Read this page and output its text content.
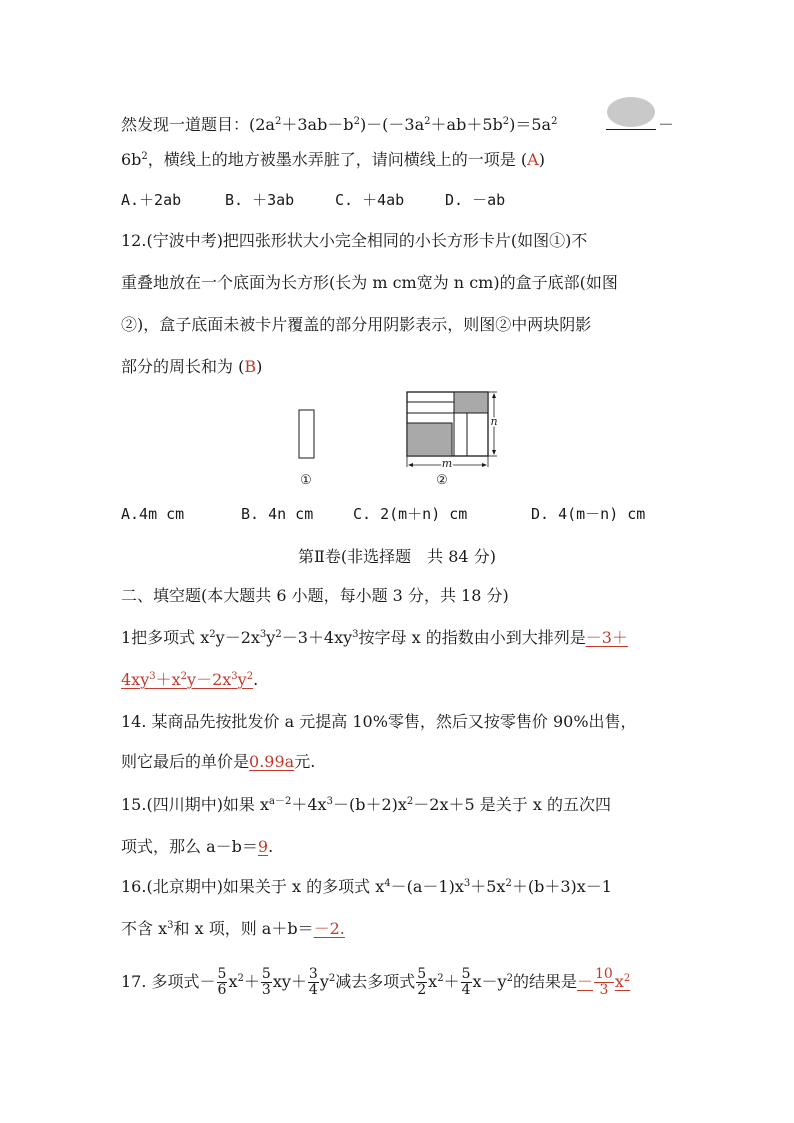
然发现一道题目：$(2a^2+3ab-b^2)-(-3a^2+ab+5b^2)=5a^2$	－
$6b^2$，横线上的地方被墨水弄脏了，请问横线上的一项是 (A)
A.＋2ab	B. ＋3ab	C. ＋4ab	D. －ab
12.(宁波中考)把四张形状大小完全相同的小长方形卡片(如图①)不
重叠地放在一个底面为长方形(长为 m cm宽为 n cm)的盒子底部(如图
②)，盒子底面未被卡片覆盖的部分用阴影表示，则图②中两块阴影
部分的周长和为 (B)
①
n
m
②
A.4m cm	B. 4n cm	C. 2(m＋n) cm	D. 4(m－n) cm
第Ⅱ卷(非选择题　共 84 分)
二、填空题(本大题共 6 小题，每小题 3 分，共 18 分)
1把多项式 $x^2y-2x^3y^2-3+4xy^3$按字母 x 的指数由小到大排列是－3＋
$4xy^3+x^2y-2x^3y^2$.
14. 某商品先按批发价 a 元提高 10%零售，然后又按零售价 90%出售，
则它最后的单价是0.99a元.
15.(四川期中)如果 $x^{a-2}+4x^3-(b+2)x^2-2x+5$ 是关于 x 的五次四
项式，那么 a－b＝9.
16.(北京期中)如果关于 x 的多项式 $x^4-(a-1)x^3+5x^2+(b+3)x-1$
不含 $x^3$和 x 项，则 a＋b＝－2.
17. 多项式－ $\frac{5}{6} x^2+ \frac{5}{3} xy+ \frac{3}{4} y^2$减去多项式 $\frac{5}{2} x^2+ \frac{5}{4} x-y^2$的结果是－ $\frac{10}{3} x^2$
